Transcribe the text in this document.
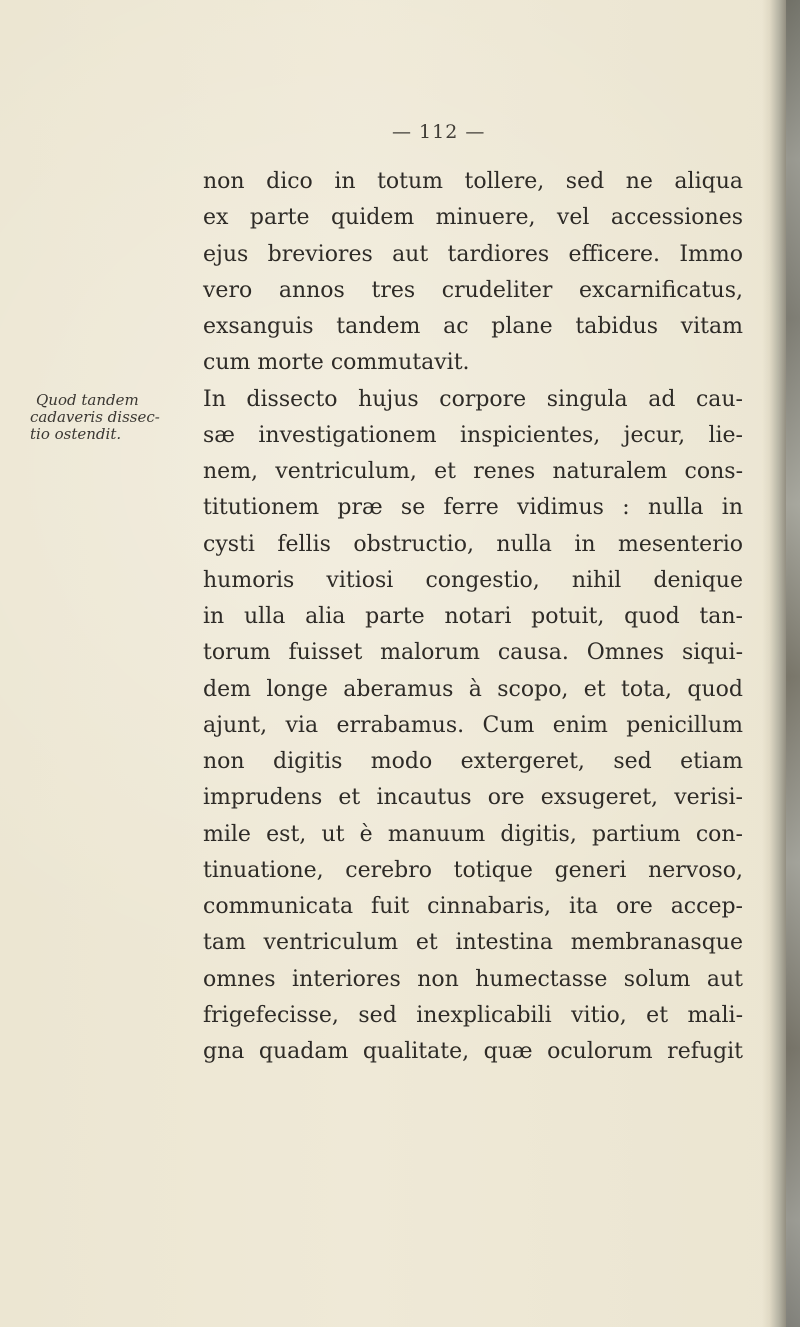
— 112 —
Quod tandem
cadaveris dissec-
tio ostendit.
non dico in totum tollere, sed ne aliqua
ex parte quidem minuere, vel accessiones
ejus breviores aut tardiores efficere. Immo
vero annos tres crudeliter excarnificatus,
exsanguis tandem ac plane tabidus vitam
cum morte commutavit.
In dissecto hujus corpore singula ad cau-
sæ investigationem inspicientes, jecur, lie-
nem, ventriculum, et renes naturalem cons-
titutionem præ se ferre vidimus : nulla in
cysti fellis obstructio, nulla in mesenterio
humoris vitiosi congestio, nihil denique
in ulla alia parte notari potuit, quod tan-
torum fuisset malorum causa. Omnes siqui-
dem longe aberamus à scopo, et tota, quod
ajunt, via errabamus. Cum enim penicillum
non digitis modo extergeret, sed etiam
imprudens et incautus ore exsugeret, verisi-
mile est, ut è manuum digitis, partium con-
tinuatione, cerebro totique generi nervoso,
communicata fuit cinnabaris, ita ore accep-
tam ventriculum et intestina membranasque
omnes interiores non humectasse solum aut
frigefecisse, sed inexplicabili vitio, et mali-
gna quadam qualitate, quæ oculorum refugit
